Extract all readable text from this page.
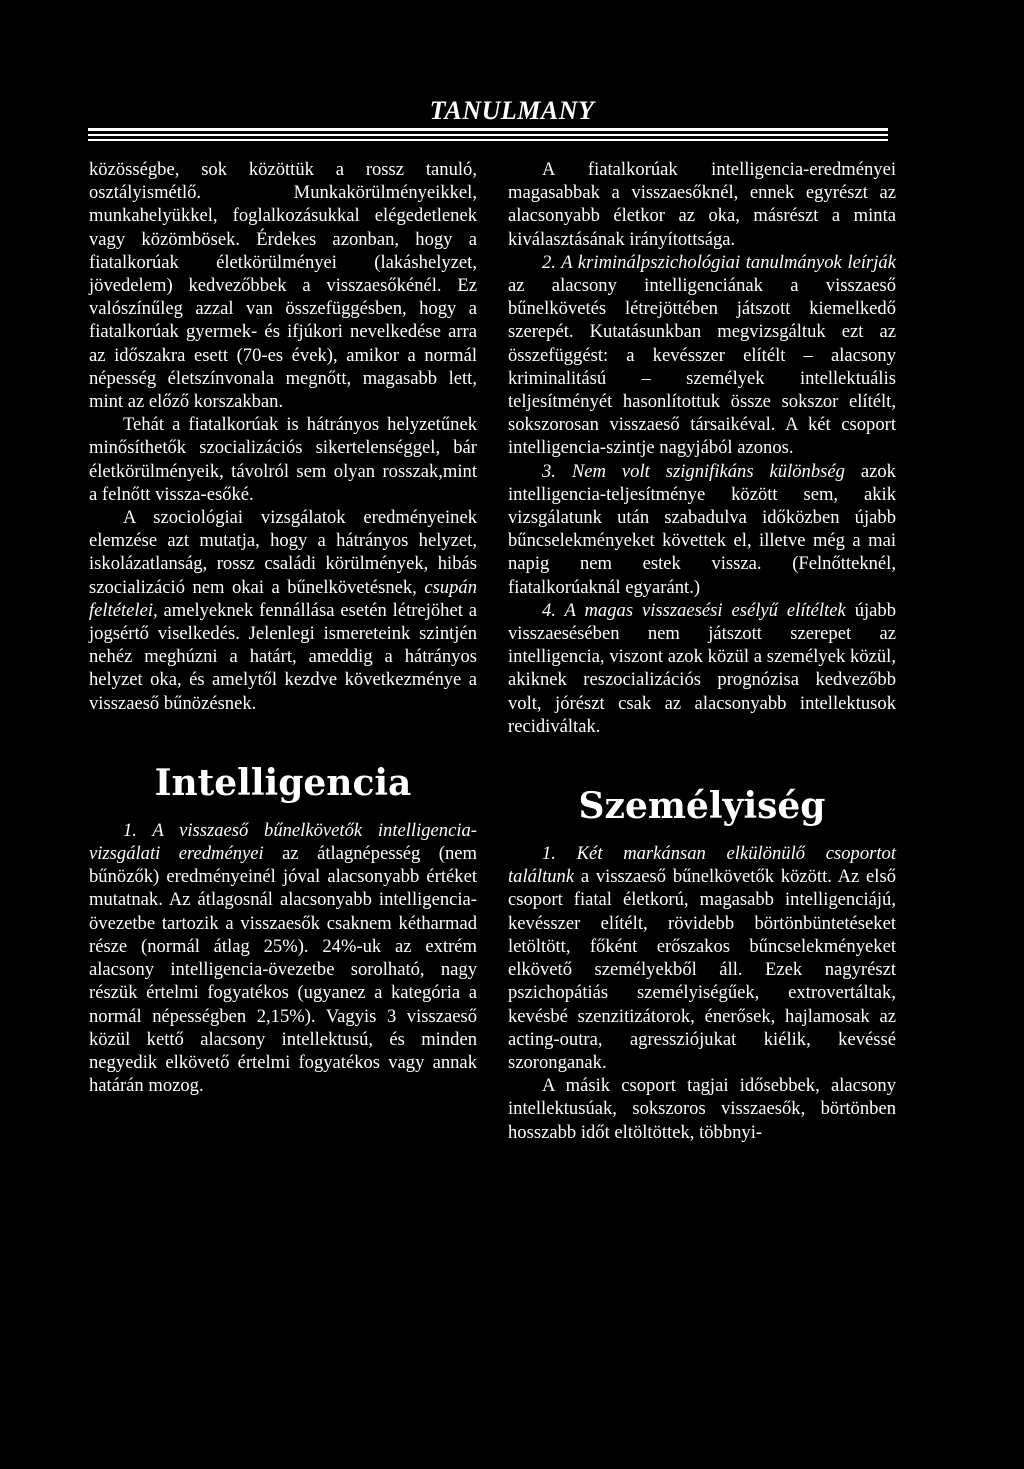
TANULMANY

közösségbe, sok közöttük a rossz tanuló, osztályismétlő. Munkakörülményeikkel, munkahelyükkel, foglalkozásukkal elégedetlenek vagy közömbösek. Érdekes azonban, hogy a fiatalkorúak életkörülményei (lakáshelyzet, jövedelem) kedvezőbbek a visszaesőkénél. Ez valószínűleg azzal van összefüggésben, hogy a fiatalkorúak gyermek- és ifjúkori nevelkedése arra az időszakra esett (70-es évek), amikor a normál népesség életszínvonala megnőtt, magasabb lett, mint az előző korszakban.

Tehát a fiatalkorúak is hátrányos helyzetűnek minősíthetők szocializációs sikertelenséggel, bár életkörülményeik, távolról sem olyan rosszak,mint a felnőtt vissza-esőké.

A szociológiai vizsgálatok eredményeinek elemzése azt mutatja, hogy a hátrányos helyzet, iskolázatlanság, rossz családi körülmények, hibás szocializáció nem okai a bűnelkövetésnek, csupán feltételei, amelyeknek fennállása esetén létrejöhet a jogsértő viselkedés. Jelenlegi ismereteink szintjén nehéz meghúzni a határt, ameddig a hátrányos helyzet oka, és amelytől kezdve következménye a visszaeső bűnözésnek.

Intelligencia

1. A visszaeső bűnelkövetők intelligencia-vizsgálati eredményei az átlagnépesség (nem bűnözők) eredményeinél jóval alacsonyabb értéket mutatnak. Az átlagosnál alacsonyabb intelligencia-övezetbe tartozik a visszaesők csaknem kétharmad része (normál átlag 25%). 24%-uk az extrém alacsony intelligencia-övezetbe sorolható, nagy részük értelmi fogyatékos (ugyanez a kategória a normál népességben 2,15%). Vagyis 3 visszaeső közül kettő alacsony intellektusú, és minden negyedik elkövető értelmi fogyatékos vagy annak határán mozog.

A fiatalkorúak intelligencia-eredményei magasabbak a visszaesőknél, ennek egyrészt az alacsonyabb életkor az oka, másrészt a minta kiválasztásának irányítottsága.

2. A kriminálpszichológiai tanulmányok leírják az alacsony intelligenciának a visszaeső bűnelkövetés létrejöttében játszott kiemelkedő szerepét. Kutatásunkban megvizsgáltuk ezt az összefüggést: a kevésszer elítélt – alacsony kriminalitású – személyek intellektuális teljesítményét hasonlítottuk össze sokszor elítélt, sokszorosan visszaeső társaikéval. A két csoport intelligencia-szintje nagyjából azonos.

3. Nem volt szignifikáns különbség azok intelligencia-teljesítménye között sem, akik vizsgálatunk után szabadulva időközben újabb bűncselekményeket követtek el, illetve még a mai napig nem estek vissza. (Felnőtteknél, fiatalkorúaknál egyaránt.)

4. A magas visszaesési esélyű elítéltek újabb visszaesésében nem játszott szerepet az intelligencia, viszont azok közül a személyek közül, akiknek reszocializációs prognózisa kedvezőbb volt, jórészt csak az alacsonyabb intellektusok recidiváltak.

Személyiség

1. Két markánsan elkülönülő csoportot találtunk a visszaeső bűnelkövetők között. Az első csoport fiatal életkorú, magasabb intelligenciájú, kevésszer elítélt, rövidebb börtönbüntetéseket letöltött, főként erőszakos bűncselekményeket elkövető személyekből áll. Ezek nagyrészt pszichopátiás személyiségűek, extrovertáltak, kevésbé szenzitizátorok, énerősek, hajlamosak az acting-outra, agressziójukat kiélik, kevéssé szoronganak.

A másik csoport tagjai idősebbek, alacsony intellektusúak, sokszoros visszaesők, börtönben hosszabb időt eltöltöttek, többnyi-
